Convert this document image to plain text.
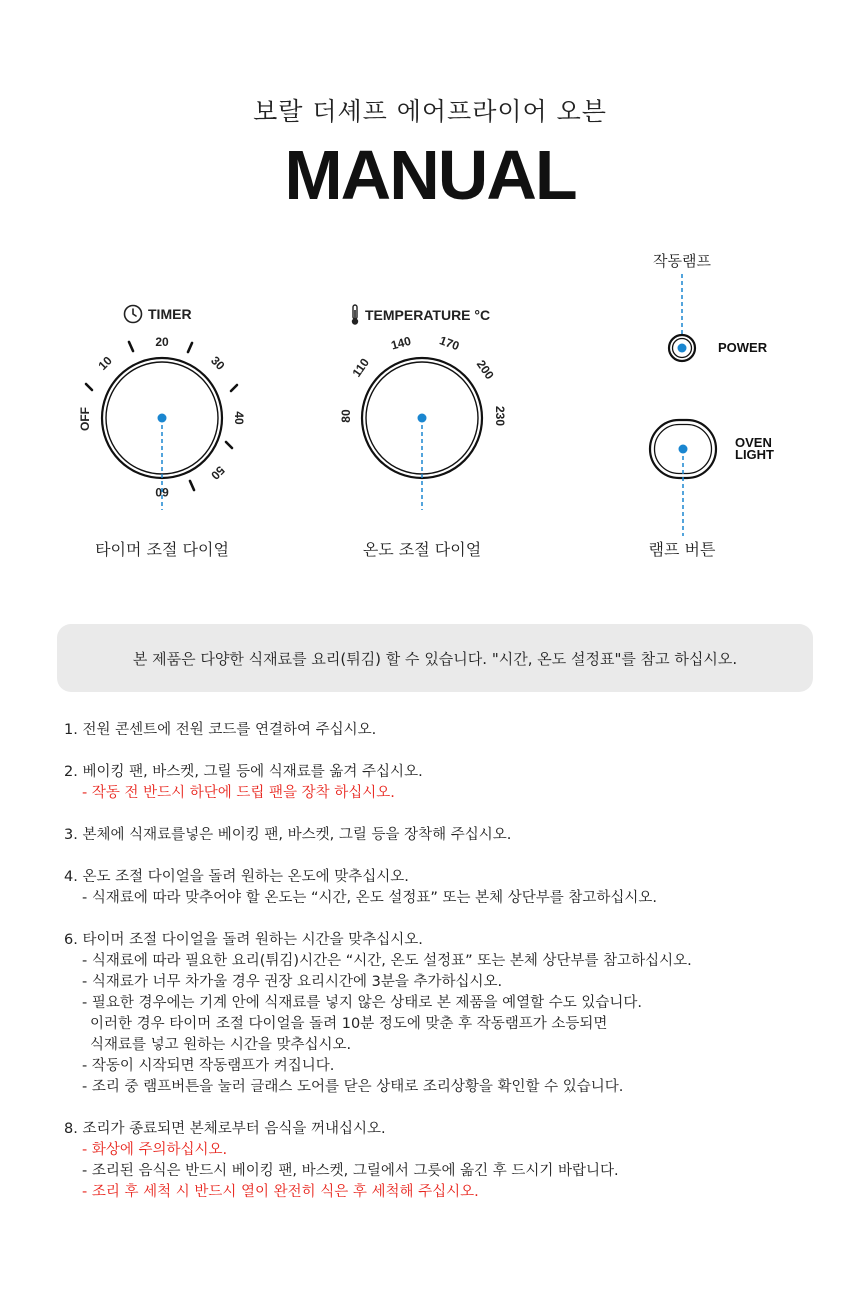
보랄 더셰프 에어프라이어 오븐
MANUAL
TIMER
OFF
10
20
30
40
50
60
타이머 조절 다이얼
TEMPERATURE °C
80
110
140 170
200
230
온도 조절 다이얼
작동램프
POWER
OVEN
LIGHT
램프 버튼
본 제품은 다양한 식재료를 요리(튀김) 할 수 있습니다. "시간, 온도 설정표"를 참고 하십시오.
1. 전원 콘센트에 전원 코드를 연결하여 주십시오.
2. 베이킹 팬, 바스켓, 그릴 등에 식재료를 옮겨 주십시오.
- 작동 전 반드시 하단에 드립 팬을 장착 하십시오.
3. 본체에 식재료를넣은 베이킹 팬, 바스켓, 그릴 등을 장착해 주십시오.
4. 온도 조절 다이얼을 돌려 원하는 온도에 맞추십시오.
- 식재료에 따라 맞추어야 할 온도는 “시간, 온도 설정표” 또는 본체 상단부를 참고하십시오.
6. 타이머 조절 다이얼을 돌려 원하는 시간을 맞추십시오.
- 식재료에 따라 필요한 요리(튀김)시간은 “시간, 온도 설정표” 또는 본체 상단부를 참고하십시오.
- 식재료가 너무 차가울 경우 권장 요리시간에 3분을 추가하십시오.
- 필요한 경우에는 기계 안에 식재료를 넣지 않은 상태로 본 제품을 예열할 수도 있습니다.
이러한 경우 타이머 조절 다이얼을 돌려 10분 정도에 맞춘 후 작동램프가 소등되면
식재료를 넣고 원하는 시간을 맞추십시오.
- 작동이 시작되면 작동램프가 켜집니다.
- 조리 중 램프버튼을 눌러 글래스 도어를 닫은 상태로 조리상황을 확인할 수 있습니다.
8. 조리가 종료되면 본체로부터 음식을 꺼내십시오.
- 화상에 주의하십시오.
- 조리된 음식은 반드시 베이킹 팬, 바스켓, 그릴에서 그릇에 옮긴 후 드시기 바랍니다.
- 조리 후 세척 시 반드시 열이 완전히 식은 후 세척해 주십시오.
